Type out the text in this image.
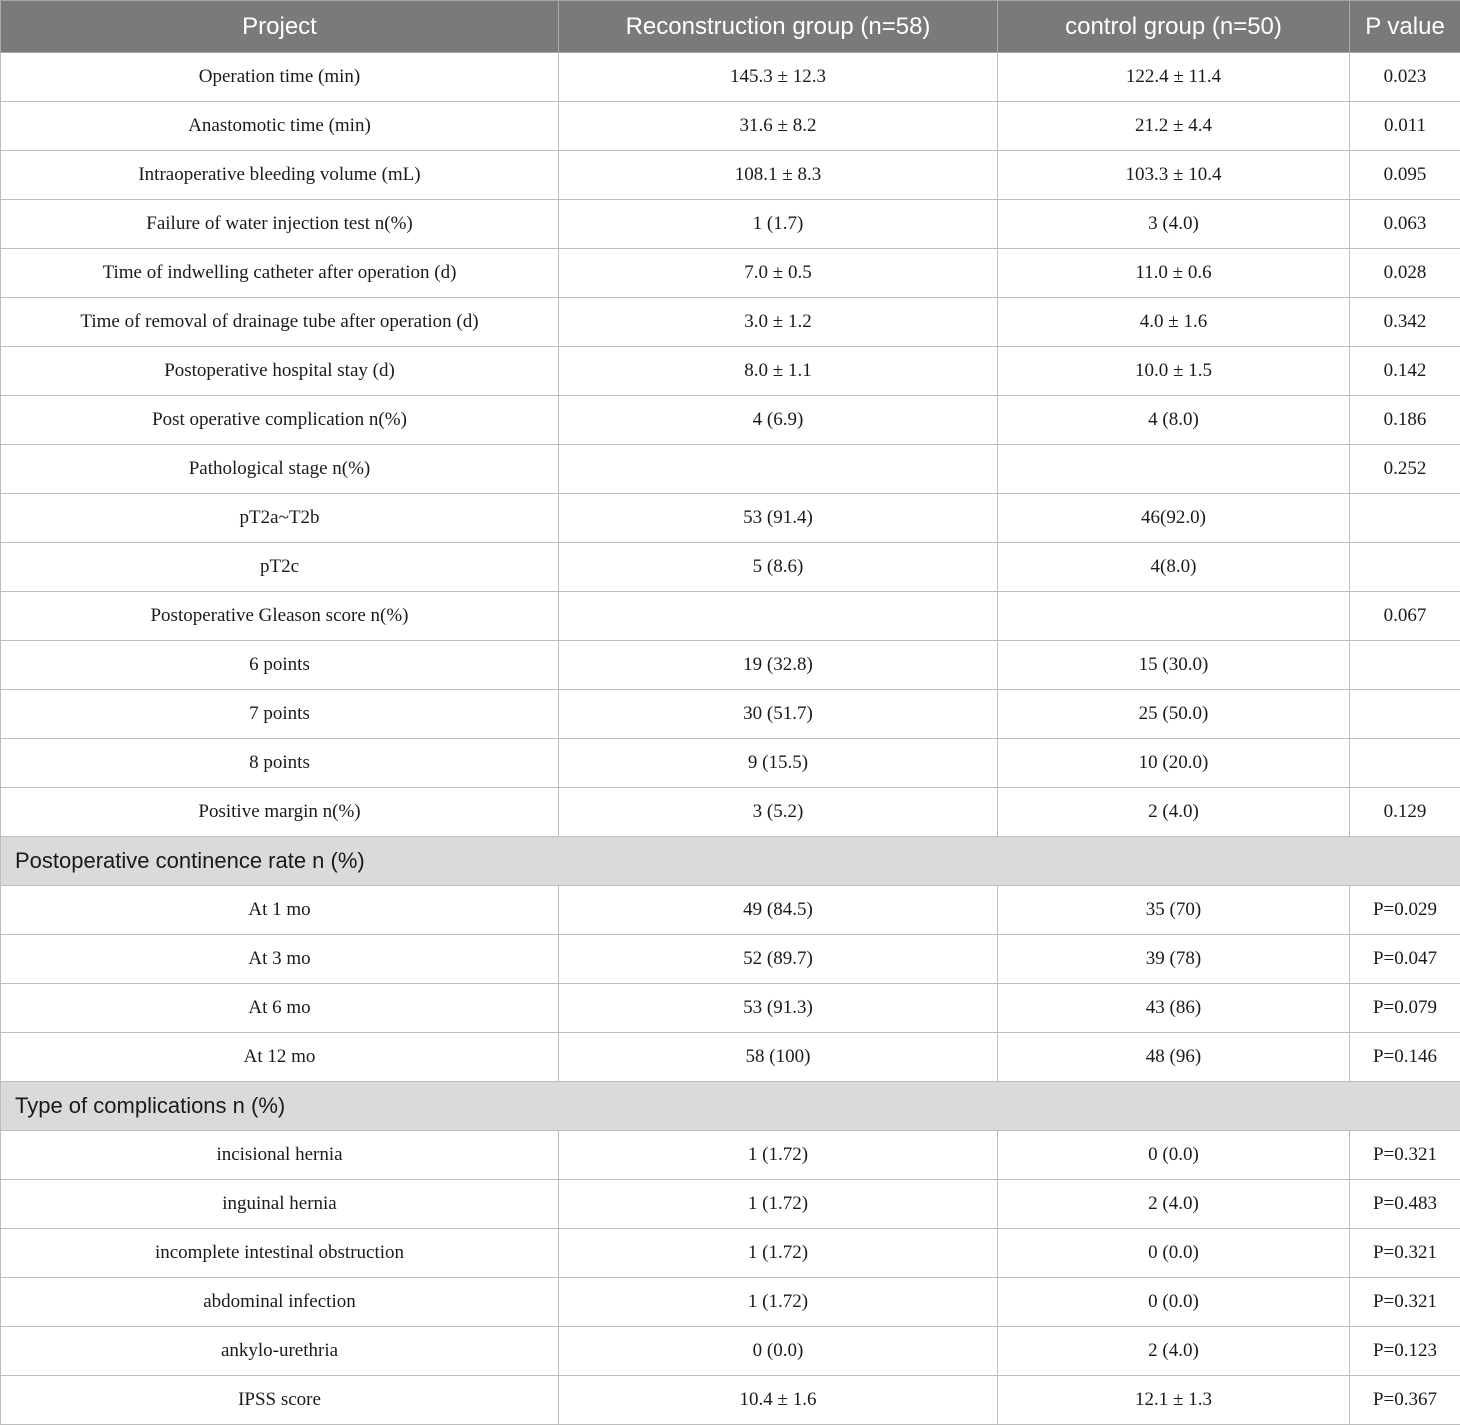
Project	Reconstruction group (n=58)	control group (n=50)	P value
Operation time (min)	145.3 ± 12.3	122.4 ± 11.4	0.023
Anastomotic time (min)	31.6 ± 8.2	21.2 ± 4.4	0.011
Intraoperative bleeding volume (mL)	108.1 ± 8.3	103.3 ± 10.4	0.095
Failure of water injection test n(%)	1 (1.7)	3 (4.0)	0.063
Time of indwelling catheter after operation (d)	7.0 ± 0.5	11.0 ± 0.6	0.028
Time of removal of drainage tube after operation (d)	3.0 ± 1.2	4.0 ± 1.6	0.342
Postoperative hospital stay (d)	8.0 ± 1.1	10.0 ± 1.5	0.142
Post operative complication n(%)	4 (6.9)	4 (8.0)	0.186
Pathological stage n(%)			0.252
pT2a~T2b	53 (91.4)	46(92.0)	
pT2c	5 (8.6)	4(8.0)	
Postoperative Gleason score n(%)			0.067
6 points	19 (32.8)	15 (30.0)	
7 points	30 (51.7)	25 (50.0)	
8 points	9 (15.5)	10 (20.0)	
Positive margin n(%)	3 (5.2)	2 (4.0)	0.129
Postoperative continence rate n (%)			
At 1 mo	49 (84.5)	35 (70)	P=0.029
At 3 mo	52 (89.7)	39 (78)	P=0.047
At 6 mo	53 (91.3)	43 (86)	P=0.079
At 12 mo	58 (100)	48 (96)	P=0.146
Type of complications n (%)			
incisional hernia	1 (1.72)	0 (0.0)	P=0.321
inguinal hernia	1 (1.72)	2 (4.0)	P=0.483
incomplete intestinal obstruction	1 (1.72)	0 (0.0)	P=0.321
abdominal infection	1 (1.72)	0 (0.0)	P=0.321
ankylo-urethria	0 (0.0)	2 (4.0)	P=0.123
IPSS score	10.4 ± 1.6	12.1 ± 1.3	P=0.367
